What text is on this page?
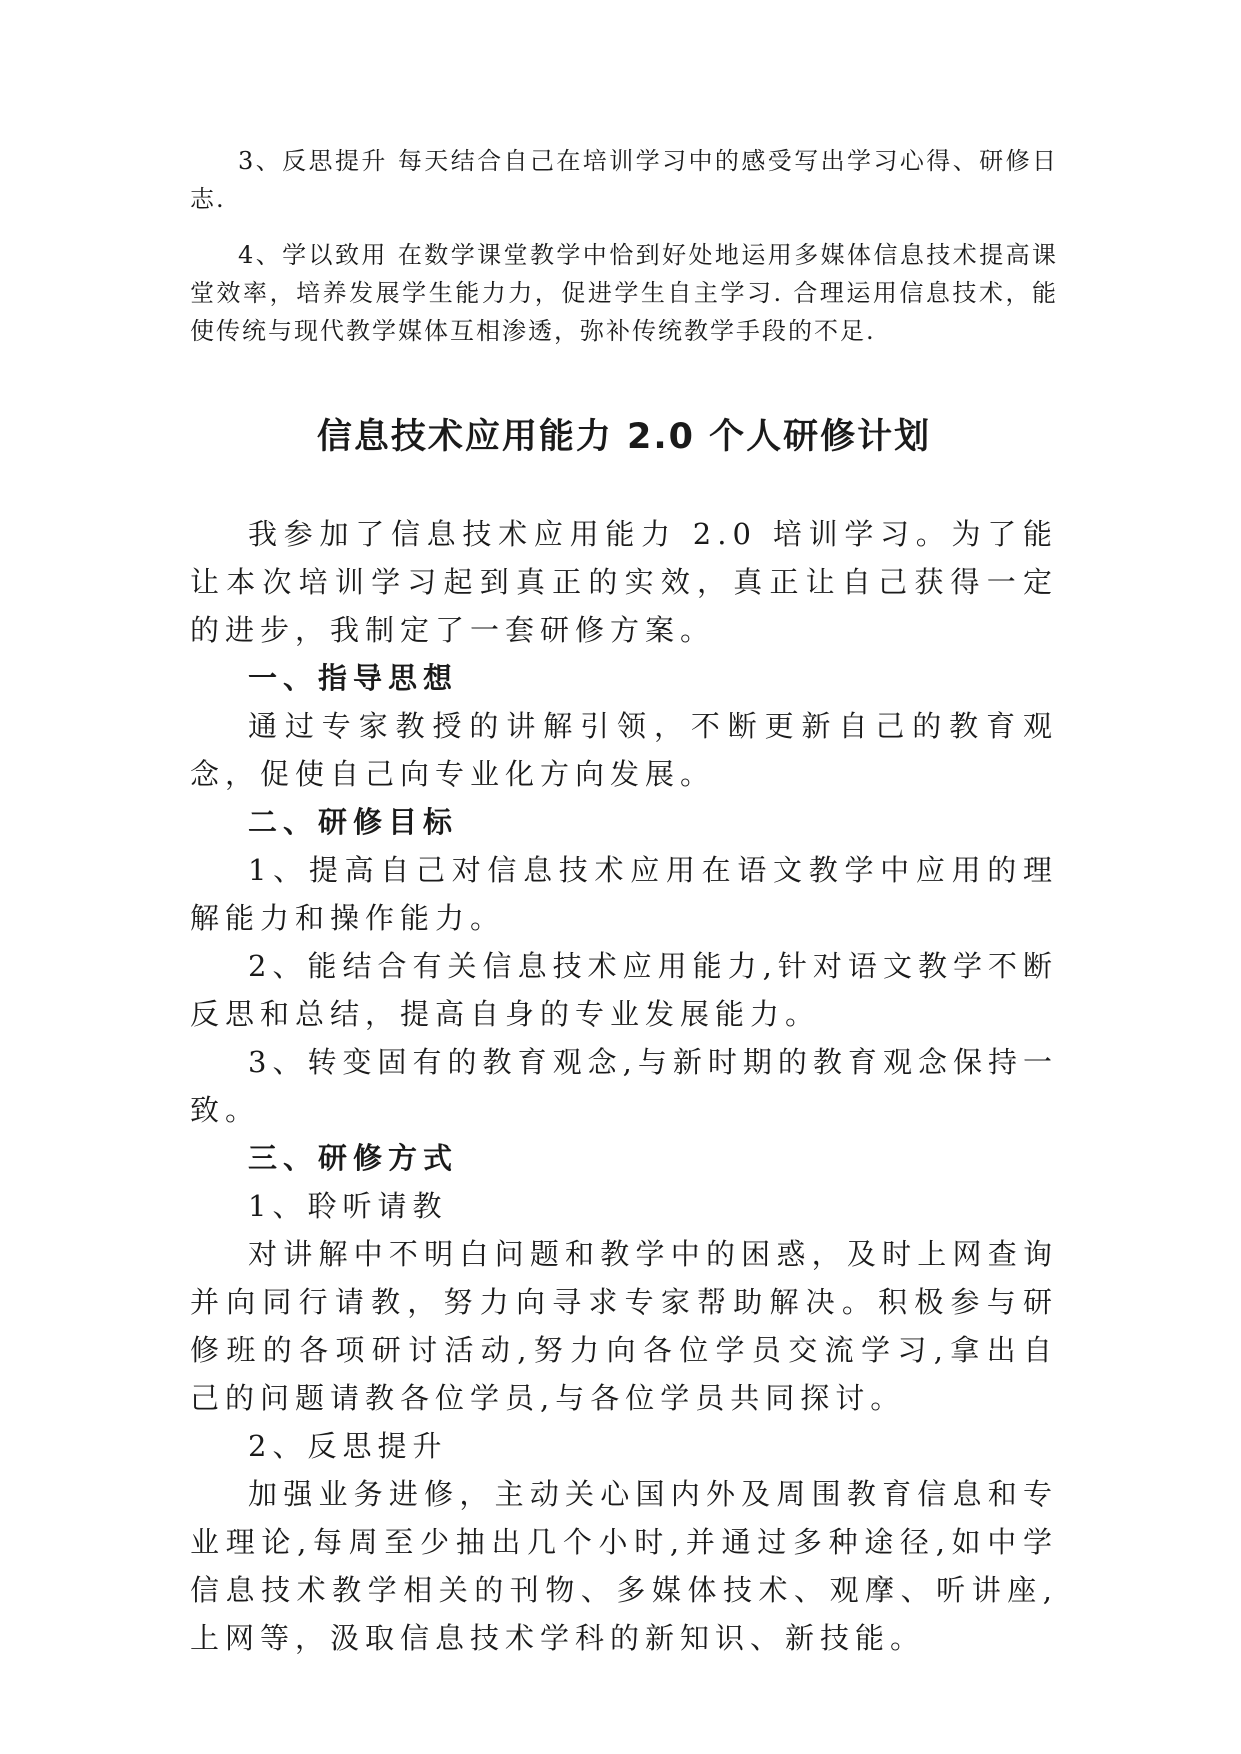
3、反思提升 每天结合自己在培训学习中的感受写出学习心得、研修日志.

4、学以致用 在数学课堂教学中恰到好处地运用多媒体信息技术提高课堂效率，培养发展学生能力力，促进学生自主学习. 合理运用信息技术，能使传统与现代教学媒体互相渗透，弥补传统教学手段的不足.

信息技术应用能力 2.0 个人研修计划

我参加了信息技术应用能力 2.0 培训学习。为了能让本次培训学习起到真正的实效，真正让自己获得一定的进步，我制定了一套研修方案。

一、指导思想

通过专家教授的讲解引领，不断更新自己的教育观念，促使自己向专业化方向发展。

二、研修目标

1、提高自己对信息技术应用在语文教学中应用的理解能力和操作能力。

2、能结合有关信息技术应用能力,针对语文教学不断反思和总结，提高自身的专业发展能力。

3、转变固有的教育观念,与新时期的教育观念保持一致。

三、研修方式

1、聆听请教

对讲解中不明白问题和教学中的困惑，及时上网查询并向同行请教，努力向寻求专家帮助解决。积极参与研修班的各项研讨活动,努力向各位学员交流学习,拿出自己的问题请教各位学员,与各位学员共同探讨。

2、反思提升

加强业务进修，主动关心国内外及周围教育信息和专业理论,每周至少抽出几个小时,并通过多种途径,如中学信息技术教学相关的刊物、多媒体技术、观摩、听讲座,上网等，汲取信息技术学科的新知识、新技能。
